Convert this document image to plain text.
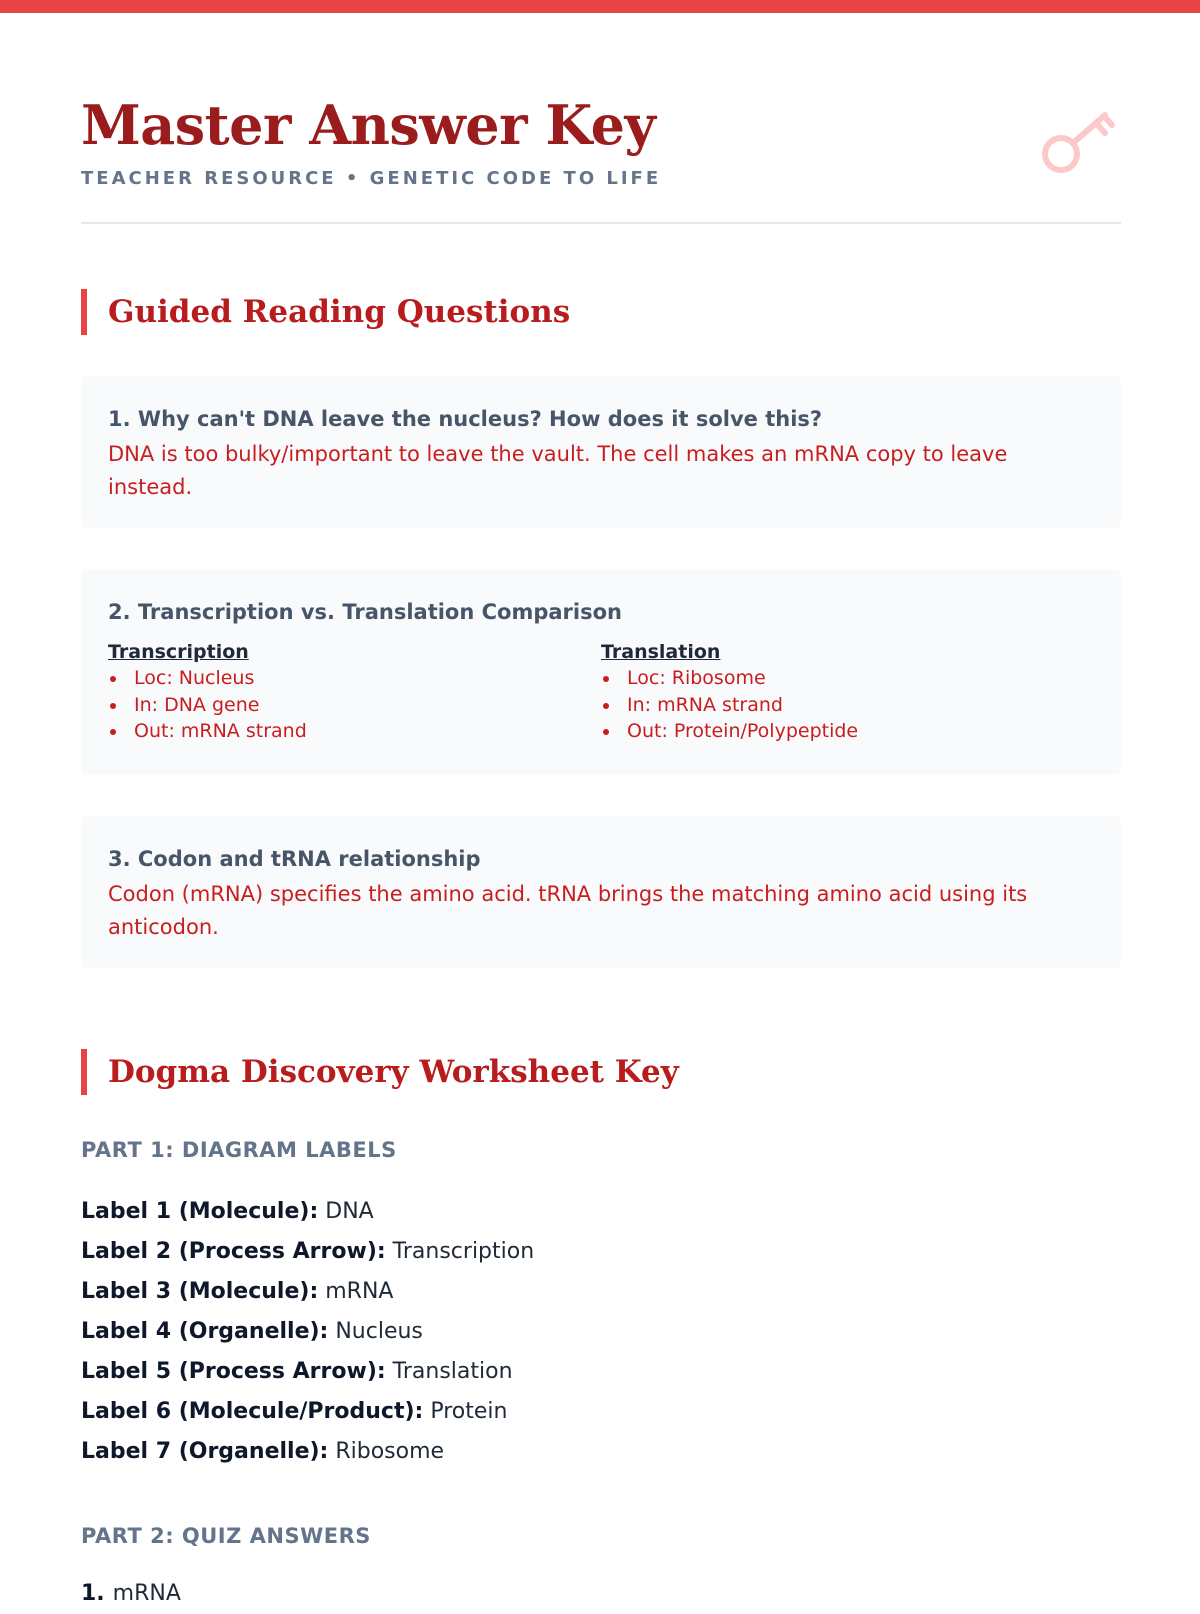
Master Answer Key
TEACHER RESOURCE • GENETIC CODE TO LIFE
Guided Reading Questions

1. Why can't DNA leave the nucleus? How does it solve this?

DNA is too bulky/important to leave the vault. The cell makes an mRNA copy to leave instead.

2. Transcription vs. Translation Comparison

Transcription
Loc: Nucleus
In: DNA gene
Out: mRNA strand
Translation
Loc: Ribosome
In: mRNA strand
Out: Protein/Polypeptide

3. Codon and tRNA relationship

Codon (mRNA) specifies the amino acid. tRNA brings the matching amino acid using its anticodon.

Dogma Discovery Worksheet Key
PART 1: DIAGRAM LABELS
Label 1 (Molecule): DNA
Label 2 (Process Arrow): Transcription
Label 3 (Molecule): mRNA
Label 4 (Organelle): Nucleus
Label 5 (Process Arrow): Translation
Label 6 (Molecule/Product): Protein
Label 7 (Organelle): Ribosome
PART 2: QUIZ ANSWERS
1. mRNA
